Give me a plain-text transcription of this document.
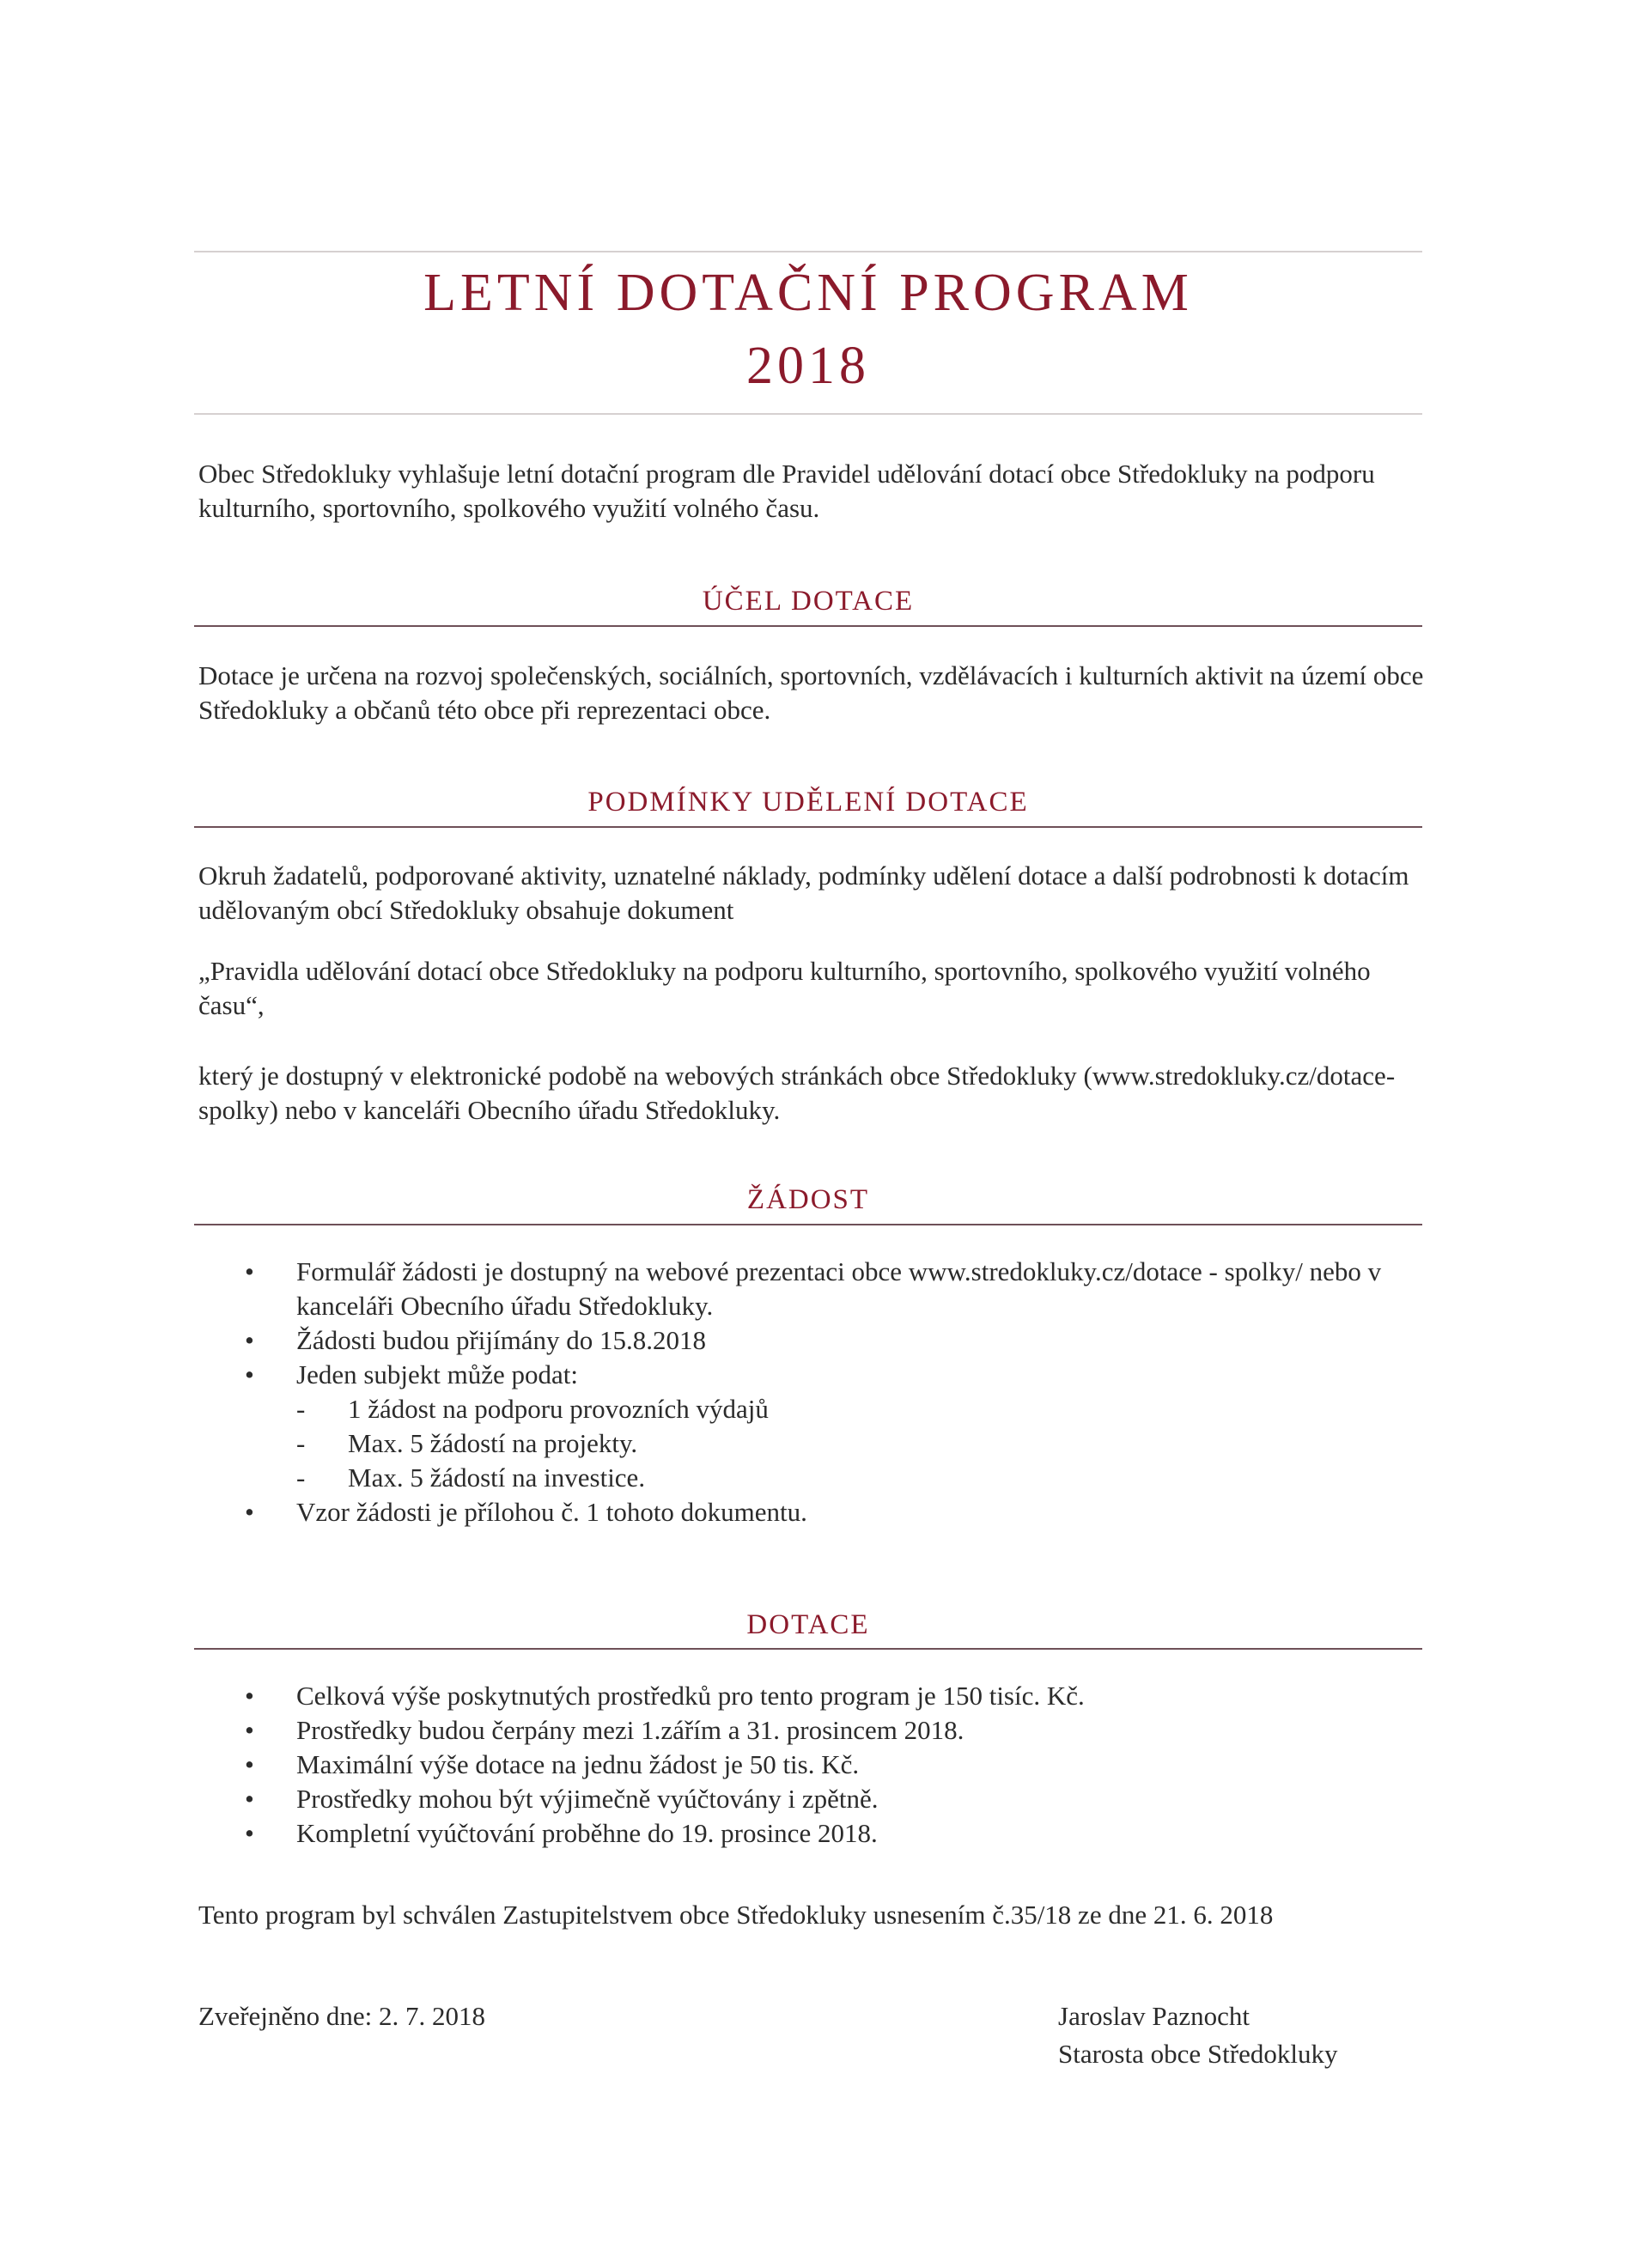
LETNÍ DOTAČNÍ PROGRAM
2018
Obec Středokluky vyhlašuje letní dotační program dle Pravidel udělování dotací obce Středokluky na podporu kulturního, sportovního, spolkového využití volného času.
ÚČEL DOTACE
Dotace je určena na rozvoj společenských, sociálních, sportovních, vzdělávacích i kulturních aktivit na území obce Středokluky a občanů této obce při reprezentaci obce.
PODMÍNKY UDĚLENÍ DOTACE
Okruh žadatelů, podporované aktivity, uznatelné náklady, podmínky udělení dotace a další podrobnosti k dotacím udělovaným obcí Středokluky obsahuje dokument
„Pravidla udělování dotací obce Středokluky na podporu kulturního, sportovního, spolkového využití volného času“,
který je dostupný v elektronické podobě na webových stránkách obce Středokluky (www.stredokluky.cz/dotace-spolky) nebo v kanceláři Obecního úřadu Středokluky.
ŽÁDOST
• Formulář žádosti je dostupný na webové prezentaci obce www.stredokluky.cz/dotace - spolky/ nebo v kanceláři Obecního úřadu Středokluky.
• Žádosti budou přijímány do 15.8.2018
• Jeden subjekt může podat:
- 1 žádost na podporu provozních výdajů
- Max. 5 žádostí na projekty.
- Max. 5 žádostí na investice.
• Vzor žádosti je přílohou č. 1 tohoto dokumentu.
DOTACE
• Celková výše poskytnutých prostředků pro tento program je 150 tisíc. Kč.
• Prostředky budou čerpány mezi 1.zářím a 31. prosincem 2018.
• Maximální výše dotace na jednu žádost je 50 tis. Kč.
• Prostředky mohou být výjimečně vyúčtovány i zpětně.
• Kompletní vyúčtování proběhne do 19. prosince 2018.
Tento program byl schválen Zastupitelstvem obce Středokluky usnesením č.35/18 ze dne 21. 6. 2018
Zveřejněno dne: 2. 7. 2018	Jaroslav Paznocht
Starosta obce Středokluky
